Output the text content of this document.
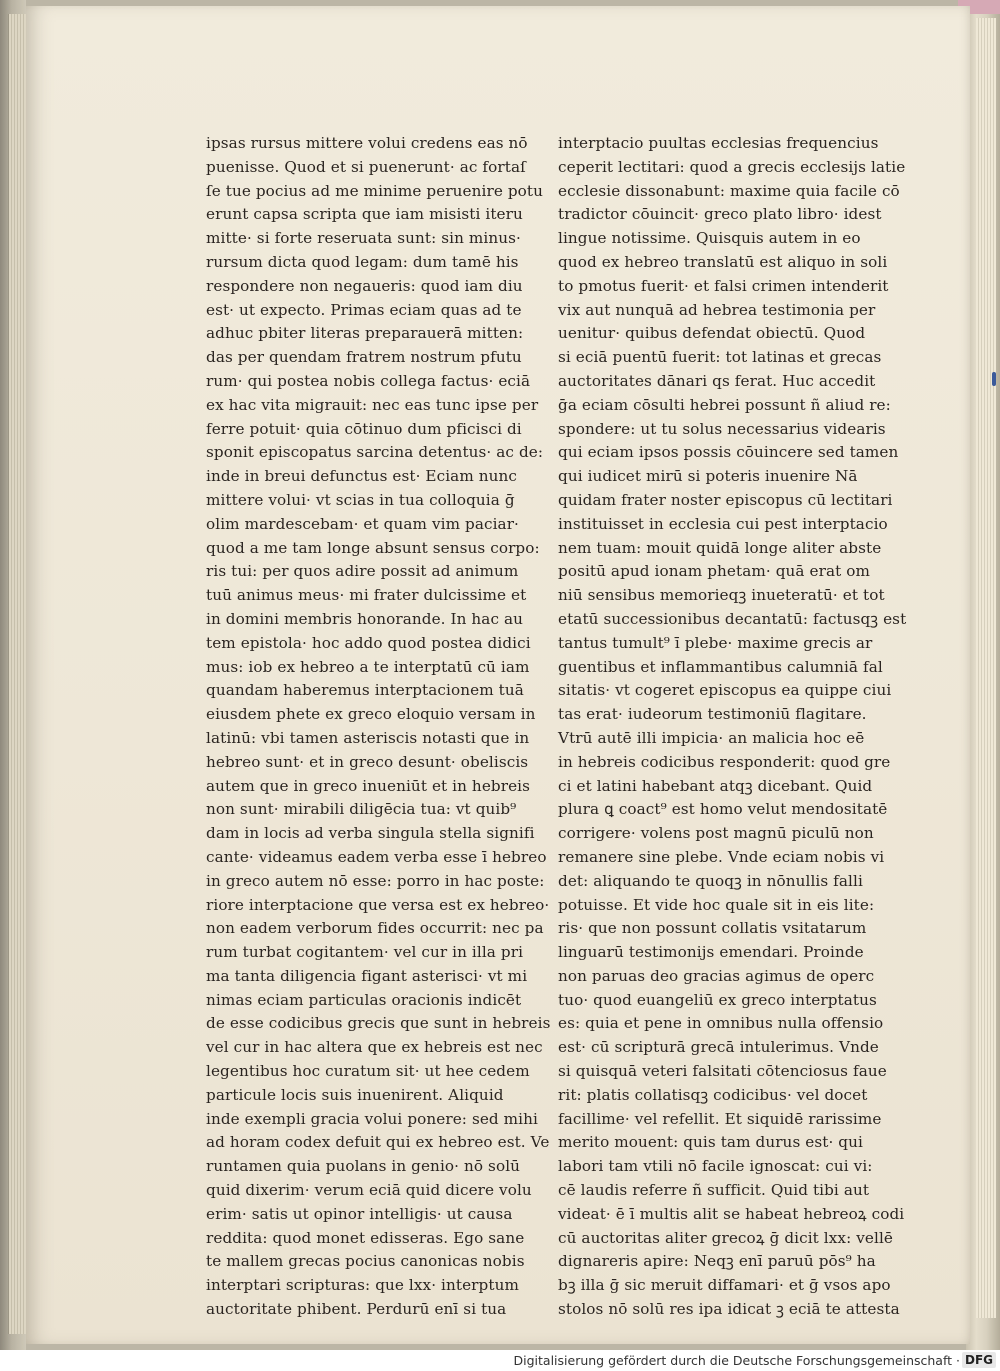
ipsas rursus mittere volui credens eas nō
puenisse. Quod et si puenerunt· ac fortaſ
ſe tue pocius ad me minime peruenire potu
erunt capsa scripta que iam misisti iteru
mitte· si forte reseruata sunt: sin minus·
rursum dicta quod legam: dum tamē his
respondere non negaueris: quod iam diu
est· ut expecto. Primas eciam quas ad te
adhuc pbiter literas preparauerā mitten:
das per quendam fratrem nostrum pfutu
rum· qui postea nobis collega factus· eciā
ex hac vita migrauit: nec eas tunc ipse per
ferre potuit· quia cōtinuo dum pficisci di
sponit episcopatus sarcina detentus· ac de:
inde in breui defunctus est· Eciam nunc
mittere volui· vt scias in tua colloquia ḡ
olim mardescebam· et quam vim paciar·
quod a me tam longe absunt sensus corpo:
ris tui: per quos adire possit ad animum
tuū animus meus· mi frater dulcissime et
in domini membris honorande. In hac au
tem epistola· hoc addo quod postea didici
mus: iob ex hebreo a te interptatū cū iam
quandam haberemus interptacionem tuā
eiusdem phete ex greco eloquio versam in
latinū: vbi tamen asteriscis notasti que in
hebreo sunt· et in greco desunt· obeliscis
autem que in greco inueniūt et in hebreis
non sunt· mirabili diligēcia tua: vt quib⁹
dam in locis ad verba singula stella signifi
cante· videamus eadem verba esse ī hebreo
in greco autem nō esse: porro in hac poste:
riore interptacione que versa est ex hebreo·
non eadem verborum fides occurrit: nec pa
rum turbat cogitantem· vel cur in illa pri
ma tanta diligencia figant asterisci· vt mi
nimas eciam particulas oracionis indicēt
de esse codicibus grecis que sunt in hebreis
vel cur in hac altera que ex hebreis est nec
legentibus hoc curatum sit· ut hee cedem
particule locis suis inuenirent. Aliquid
inde exempli gracia volui ponere: sed mihi
ad horam codex defuit qui ex hebreo est. Ve
runtamen quia puolans in genio· nō solū
quid dixerim· verum eciā quid dicere volu
erim· satis ut opinor intelligis· ut causa
reddita: quod monet edisseras. Ego sane
te mallem grecas pocius canonicas nobis
interptari scripturas: que lxx· interptum
auctoritate phibent. Perdurū enī si tua
interptacio puultas ecclesias frequencius
ceperit lectitari: quod a grecis ecclesijs latie
ecclesie dissonabunt: maxime quia facile cō
tradictor cōuincit· greco plato libro· idest
lingue notissime. Quisquis autem in eo
quod ex hebreo translatū est aliquo in soli
to pmotus fuerit· et falsi crimen intenderit
vix aut nunquā ad hebrea testimonia per
uenitur· quibus defendat obiectū. Quod
si eciā puentū fuerit: tot latinas et grecas
auctoritates dānari qs ferat. Huc accedit
ḡa eciam cōsulti hebrei possunt ñ aliud re:
spondere: ut tu solus necessarius videaris
qui eciam ipsos possis cōuincere sed tamen
qui iudicet mirū si poteris inuenire Nā
quidam frater noster episcopus cū lectitari
instituisset in ecclesia cui pest interptacio
nem tuam: mouit quidā longe aliter abste
positū apud ionam phetam· quā erat om
niū sensibus memorieqꝫ inueteratū· et tot
etatū successionibus decantatū: factusqꝫ est
tantus tumult⁹ ī plebe· maxime grecis ar
guentibus et inflammantibus calumniā fal
sitatis· vt cogeret episcopus ea quippe ciui
tas erat· iudeorum testimoniū flagitare.
Vtrū autē illi impicia· an malicia hoc eē
in hebreis codicibus responderit: quod gre
ci et latini habebant atqꝫ dicebant. Quid
plura ꝗ coact⁹ est homo velut mendositatē
corrigere· volens post magnū piculū non
remanere sine plebe. Vnde eciam nobis vi
det: aliquando te quoqꝫ in nōnullis falli
potuisse. Et vide hoc quale sit in eis lite:
ris· que non possunt collatis vsitatarum
linguarū testimonijs emendari. Proinde
non paruas deo gracias agimus de operc
tuo· quod euangeliū ex greco interptatus
es: quia et pene in omnibus nulla offensio
est· cū scripturā grecā intulerimus. Vnde
si quisquā veteri falsitati cōtenciosus faue
rit: platis collatisqꝫ codicibus· vel docet
facillime· vel refellit. Et siquidē rarissime
merito mouent: quis tam durus est· qui
labori tam vtili nō facile ignoscat: cui vi:
cē laudis referre ñ sufficit. Quid tibi aut
videat· ē ī multis alit se habeat hebreoꝝ codi
cū auctoritas aliter grecoꝝ ḡ dicit lxx: vellē
dignareris apire: Neqꝫ enī paruū pōs⁹ ha
bꝫ illa ḡ sic meruit diffamari· et ḡ vsos apo
stolos nō solū res ipa idicat ꝫ eciā te attesta
Digitalisierung gefördert durch die Deutsche Forschungsgemeinschaft · DFG
